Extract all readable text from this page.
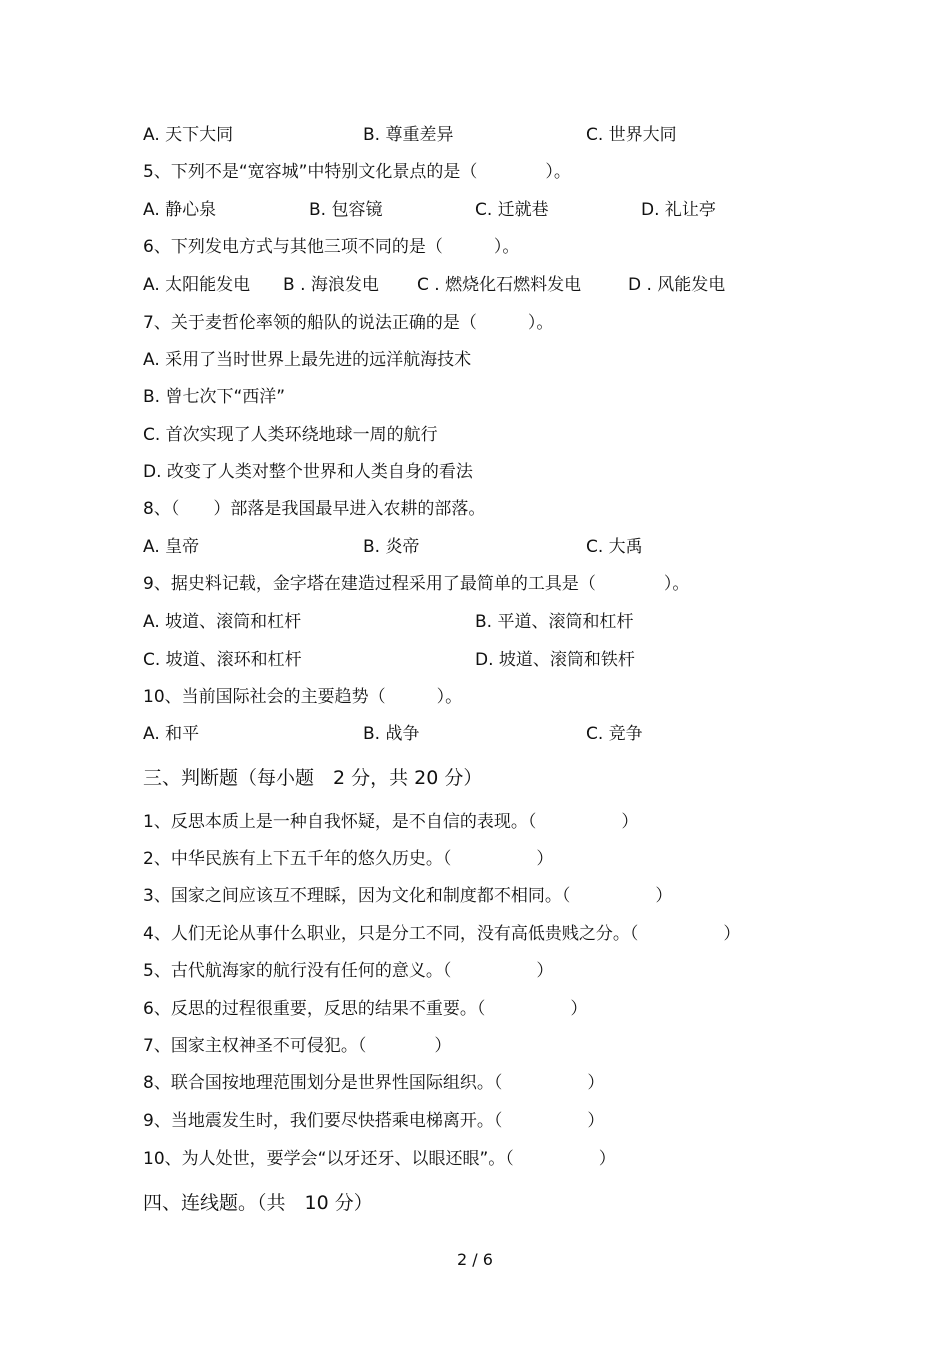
A. 天下大同	B. 尊重差异	C. 世界大同
5、下列不是“宽容城”中特别文化景点的是（　　　　）。
A. 静心泉	B. 包容镜	C. 迁就巷	D. 礼让亭
6、下列发电方式与其他三项不同的是（　　　）。
A. 太阳能发电 B . 海浪发电 C . 燃烧化石燃料发电	D . 风能发电
7、关于麦哲伦率领的船队的说法正确的是（　　　）。
A. 采用了当时世界上最先进的远洋航海技术
B. 曾七次下“西洋”
C. 首次实现了人类环绕地球一周的航行
D. 改变了人类对整个世界和人类自身的看法
8、（　　）部落是我国最早进入农耕的部落。
A. 皇帝	B. 炎帝	C. 大禹
9、据史料记载，金字塔在建造过程采用了最简单的工具是（　　　　）。
A. 坡道、滚筒和杠杆	B. 平道、滚筒和杠杆
C. 坡道、滚环和杠杆	D. 坡道、滚筒和铁杆
10、当前国际社会的主要趋势（　　　）。
A. 和平	B. 战争	C. 竞争
三、判断题（每小题　2 分，共 20 分）
1、反思本质上是一种自我怀疑，是不自信的表现。（　　　　　）
2、中华民族有上下五千年的悠久历史。（　　　　　）
3、国家之间应该互不理睬，因为文化和制度都不相同。（　　　　　）
4、人们无论从事什么职业，只是分工不同，没有高低贵贱之分。（　　　　　）
5、古代航海家的航行没有任何的意义。（　　　　　）
6、反思的过程很重要，反思的结果不重要。（　　　　　）
7、国家主权神圣不可侵犯。（　　　　）
8、联合国按地理范围划分是世界性国际组织。（　　　　　）
9、当地震发生时，我们要尽快搭乘电梯离开。（　　　　　）
10、为人处世，要学会“以牙还牙、以眼还眼”。（　　　　　）
四、连线题。（共　10 分）
2 / 6
